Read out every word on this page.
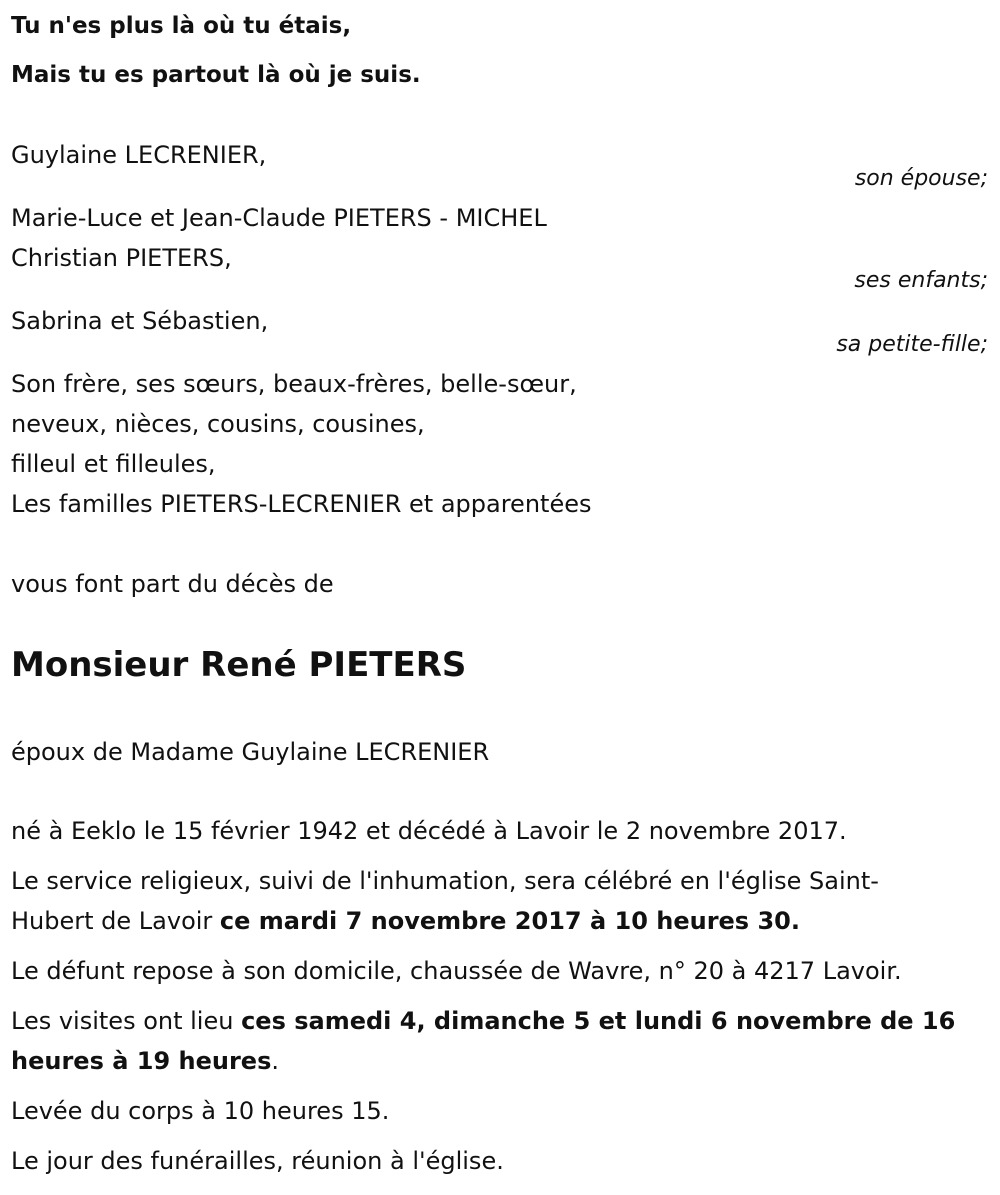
Tu n'es plus là où tu étais,

Mais tu es partout là où je suis.

Guylaine LECRENIER,

son épouse;

Marie-Luce et Jean-Claude PIETERS - MICHEL

Christian PIETERS,

ses enfants;

Sabrina et Sébastien,

sa petite-fille;

Son frère, ses sœurs, beaux-frères, belle-sœur,

neveux, nièces, cousins, cousines,

filleul et filleules,

Les familles PIETERS-LECRENIER et apparentées

vous font part du décès de

Monsieur René PIETERS

époux de Madame Guylaine LECRENIER

né à Eeklo le 15 février 1942 et décédé à Lavoir le 2 novembre 2017.

Le service religieux, suivi de l'inhumation, sera célébré en l'église Saint-

Hubert de Lavoir ce mardi 7 novembre 2017 à 10 heures 30.

Le défunt repose à son domicile, chaussée de Wavre, n° 20 à 4217 Lavoir.

Les visites ont lieu ces samedi 4, dimanche 5 et lundi 6 novembre de 16

heures à 19 heures.

Levée du corps à 10 heures 15.

Le jour des funérailles, réunion à l'église.
